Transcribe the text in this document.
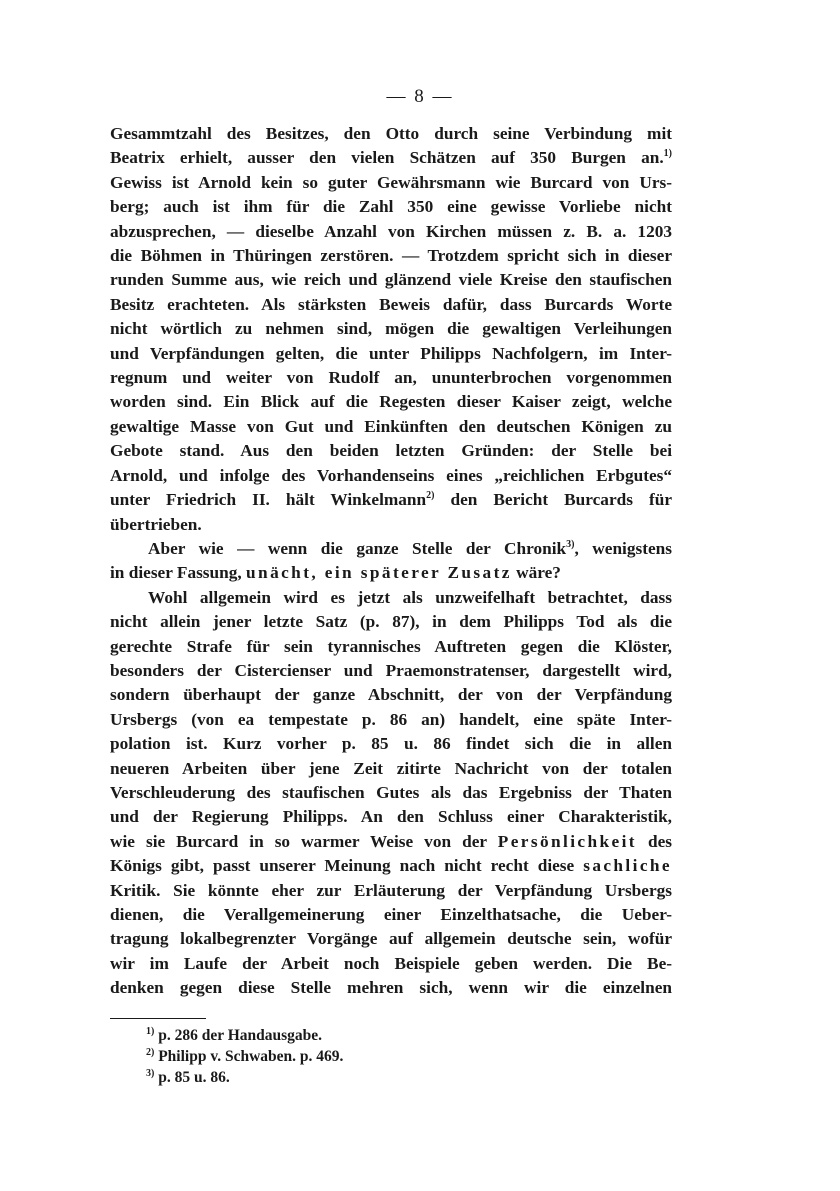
— 8 —
Gesammtzahl des Besitzes, den Otto durch seine Verbindung mit
Beatrix erhielt, ausser den vielen Schätzen auf 350 Burgen an.$^{1)}$
Gewiss ist Arnold kein so guter Gewährsmann wie Burcard von Urs-
berg; auch ist ihm für die Zahl 350 eine gewisse Vorliebe nicht
abzusprechen, — dieselbe Anzahl von Kirchen müssen z. B. a. 1203
die Böhmen in Thüringen zerstören. — Trotzdem spricht sich in dieser
runden Summe aus, wie reich und glänzend viele Kreise den staufischen
Besitz erachteten. Als stärksten Beweis dafür, dass Burcards Worte
nicht wörtlich zu nehmen sind, mögen die gewaltigen Verleihungen
und Verpfändungen gelten, die unter Philipps Nachfolgern, im Inter-
regnum und weiter von Rudolf an, ununterbrochen vorgenommen
worden sind. Ein Blick auf die Regesten dieser Kaiser zeigt, welche
gewaltige Masse von Gut und Einkünften den deutschen Königen zu
Gebote stand. Aus den beiden letzten Gründen: der Stelle bei
Arnold, und infolge des Vorhandenseins eines „reichlichen Erbgutes“
unter Friedrich II. hält Winkelmann$^{2)}$ den Bericht Burcards für
übertrieben.
Aber wie — wenn die ganze Stelle der Chronik$^{3)}$, wenigstens
in dieser Fassung, unächt, ein späterer Zusatz wäre?
Wohl allgemein wird es jetzt als unzweifelhaft betrachtet, dass
nicht allein jener letzte Satz (p. 87), in dem Philipps Tod als die
gerechte Strafe für sein tyrannisches Auftreten gegen die Klöster,
besonders der Cistercienser und Praemonstratenser, dargestellt wird,
sondern überhaupt der ganze Abschnitt, der von der Verpfändung
Ursbergs (von ea tempestate p. 86 an) handelt, eine späte Inter-
polation ist. Kurz vorher p. 85 u. 86 findet sich die in allen
neueren Arbeiten über jene Zeit zitirte Nachricht von der totalen
Verschleuderung des staufischen Gutes als das Ergebniss der Thaten
und der Regierung Philipps. An den Schluss einer Charakteristik,
wie sie Burcard in so warmer Weise von der Persönlichkeit des
Königs gibt, passt unserer Meinung nach nicht recht diese sachliche
Kritik. Sie könnte eher zur Erläuterung der Verpfändung Ursbergs
dienen, die Verallgemeinerung einer Einzelthatsache, die Ueber-
tragung lokalbegrenzter Vorgänge auf allgemein deutsche sein, wofür
wir im Laufe der Arbeit noch Beispiele geben werden. Die Be-
denken gegen diese Stelle mehren sich, wenn wir die einzelnen
$^{1)}$ p. 286 der Handausgabe.
$^{2)}$ Philipp v. Schwaben. p. 469.
$^{3)}$ p. 85 u. 86.
